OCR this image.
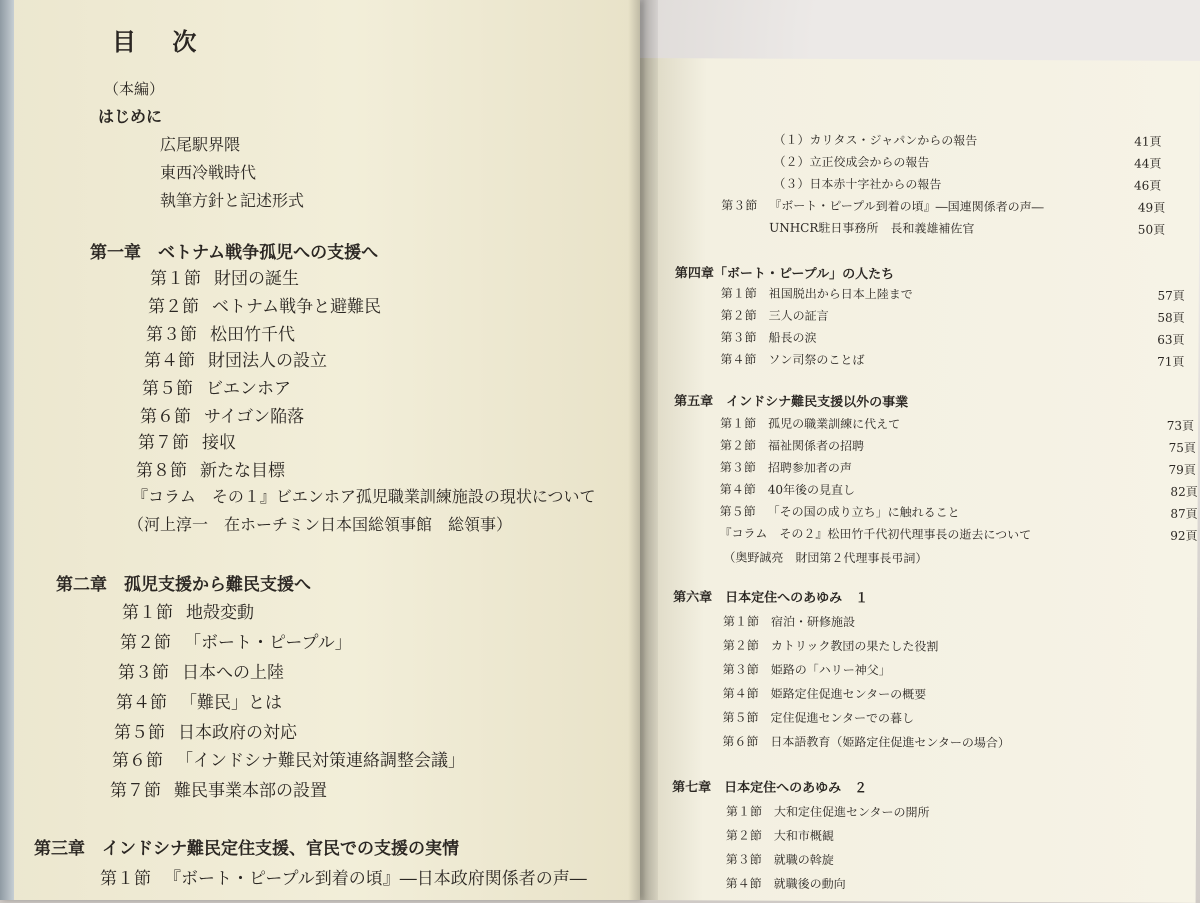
（１）カリタス・ジャパンからの報告	41頁
（２）立正佼成会からの報告	44頁
（３）日本赤十字社からの報告	46頁
第３節 『ボート・ピープル到着の頃』―国連関係者の声―	49頁
UNHCR駐日事務所　長和義雄補佐官	50頁
第四章「ボート・ピープル」の人たち
第１節 祖国脱出から日本上陸まで	57頁
第２節 三人の証言	58頁
第３節 船長の涙	63頁
第４節 ソン司祭のことば	71頁
第五章　インドシナ難民支援以外の事業
第１節 孤児の職業訓練に代えて	73頁
第２節 福祉関係者の招聘	75頁
第３節 招聘参加者の声	79頁
第４節 40年後の見直し	82頁
第５節 「その国の成り立ち」に触れること	87頁
『コラム　その２』松田竹千代初代理事長の逝去について	92頁
（奥野誠亮　財団第２代理事長弔詞）
第六章　日本定住へのあゆみ　１
第１節 宿泊・研修施設
第２節 カトリック教団の果たした役割
第３節 姫路の「ハリー神父」
第４節 姫路定住促進センターの概要
第５節 定住促進センターでの暮し
第６節 日本語教育（姫路定住促進センターの場合）
第七章　日本定住へのあゆみ　２
第１節 大和定住促進センターの開所
第２節 大和市概観
第３節 就職の斡旋
第４節 就職後の動向
目 次
（本編）
はじめに
広尾駅界隈
東西冷戦時代
執筆方針と記述形式
第一章　ベトナム戦争孤児への支援へ
第１節 財団の誕生
第２節 ベトナム戦争と避難民
第３節 松田竹千代
第４節 財団法人の設立
第５節 ビエンホア
第６節 サイゴン陥落
第７節 接収
第８節 新たな目標
『コラム　その１』ビエンホア孤児職業訓練施設の現状について
（河上淳一　在ホーチミン日本国総領事館　総領事）
第二章　孤児支援から難民支援へ
第１節 地殻変動
第２節 「ボート・ピープル」
第３節 日本への上陸
第４節 「難民」とは
第５節 日本政府の対応
第６節 「インドシナ難民対策連絡調整会議」
第７節 難民事業本部の設置
第三章　インドシナ難民定住支援、官民での支援の実情
第１節 『ボート・ピープル到着の頃』―日本政府関係者の声―
